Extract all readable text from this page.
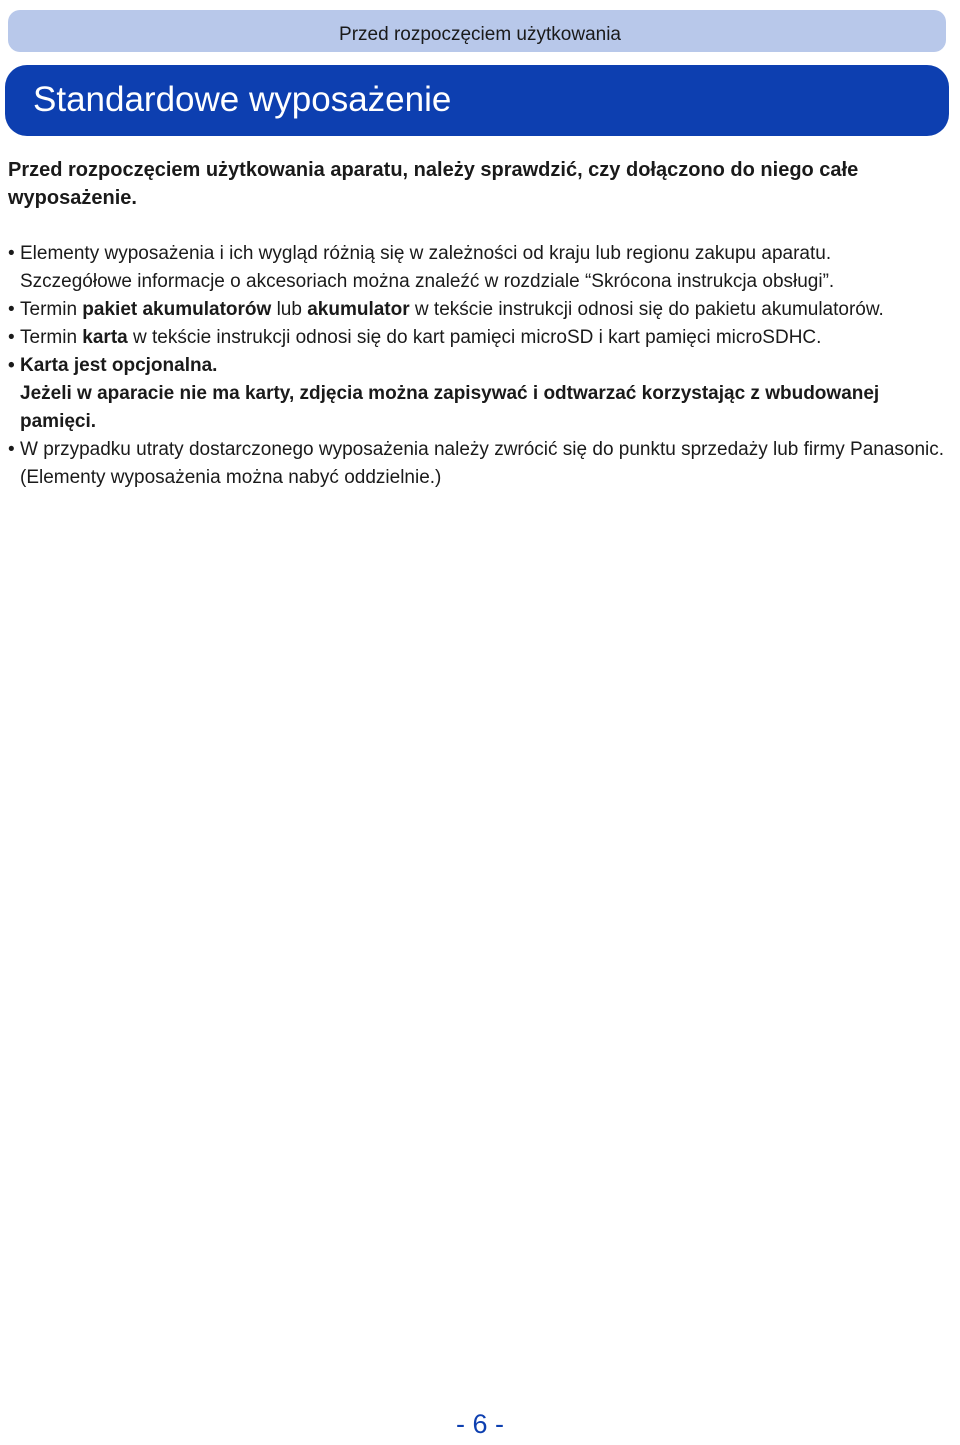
Przed rozpoczęciem użytkowania
Standardowe wyposażenie
Przed rozpoczęciem użytkowania aparatu, należy sprawdzić, czy dołączono do niego całe wyposażenie.
• Elementy wyposażenia i ich wygląd różnią się w zależności od kraju lub regionu zakupu aparatu. Szczegółowe informacje o akcesoriach można znaleźć w rozdziale “Skrócona instrukcja obsługi”.
• Termin pakiet akumulatorów lub akumulator w tekście instrukcji odnosi się do pakietu akumulatorów.
• Termin karta w tekście instrukcji odnosi się do kart pamięci microSD i kart pamięci microSDHC.
• Karta jest opcjonalna.
Jeżeli w aparacie nie ma karty, zdjęcia można zapisywać i odtwarzać korzystając z wbudowanej pamięci.
• W przypadku utraty dostarczonego wyposażenia należy zwrócić się do punktu sprzedaży lub firmy Panasonic. (Elementy wyposażenia można nabyć oddzielnie.)
- 6 -
